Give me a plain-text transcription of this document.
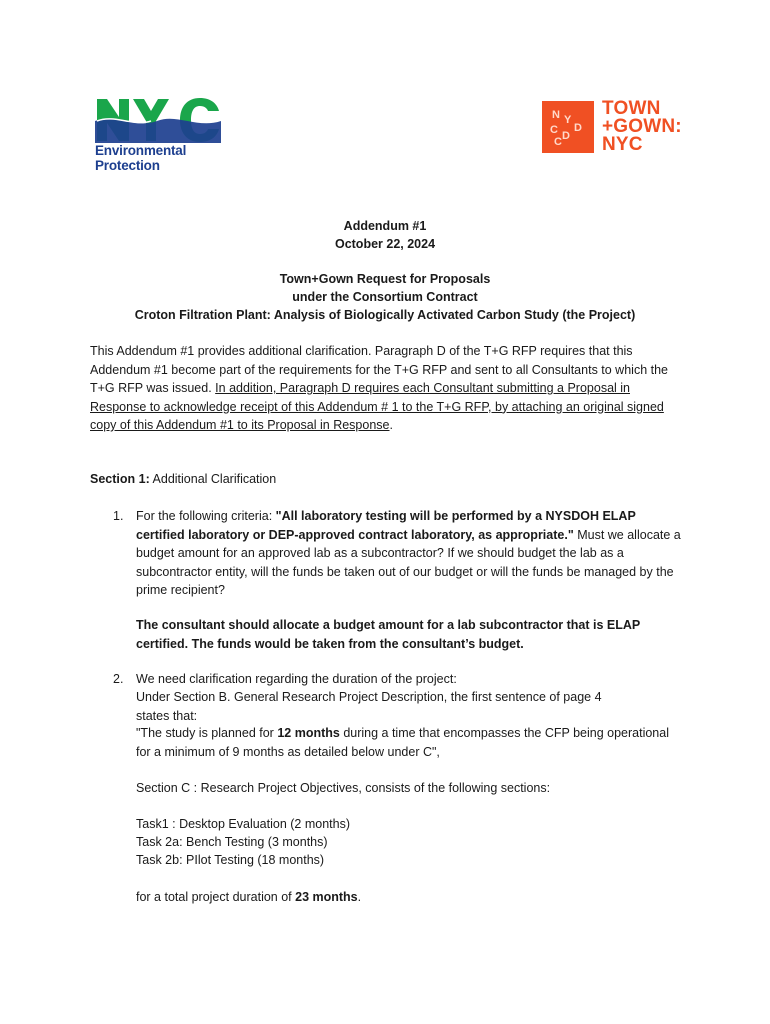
Environmental
Protection
N Y
C D
D
C
TOWN
+GOWN:
NYC
Addendum #1
October 22, 2024
Town+Gown Request for Proposals
under the Consortium Contract
Croton Filtration Plant: Analysis of Biologically Activated Carbon Study (the Project)
This Addendum #1 provides additional clarification. Paragraph D of the T+G RFP requires that this Addendum #1 become part of the requirements for the T+G RFP and sent to all Consultants to which the T+G RFP was issued. In addition, Paragraph D requires each Consultant submitting a Proposal in Response to acknowledge receipt of this Addendum # 1 to the T+G RFP, by attaching an original signed copy of this Addendum #1 to its Proposal in Response.
Section 1: Additional Clarification
1. For the following criteria: "All laboratory testing will be performed by a NYSDOH ELAP certified laboratory or DEP-approved contract laboratory, as appropriate." Must we allocate a budget amount for an approved lab as a subcontractor? If we should budget the lab as a subcontractor entity, will the funds be taken out of our budget or will the funds be managed by the prime recipient?
The consultant should allocate a budget amount for a lab subcontractor that is ELAP certified. The funds would be taken from the consultant’s budget.
2. We need clarification regarding the duration of the project:
Under Section B. General Research Project Description, the first sentence of page 4 states that:
"The study is planned for 12 months during a time that encompasses the CFP being operational for a minimum of 9 months as detailed below under C",
Section C : Research Project Objectives, consists of the following sections:
Task1 : Desktop Evaluation (2 months)
Task 2a: Bench Testing (3 months)
Task 2b: PIlot Testing (18 months)
for a total project duration of 23 months.
